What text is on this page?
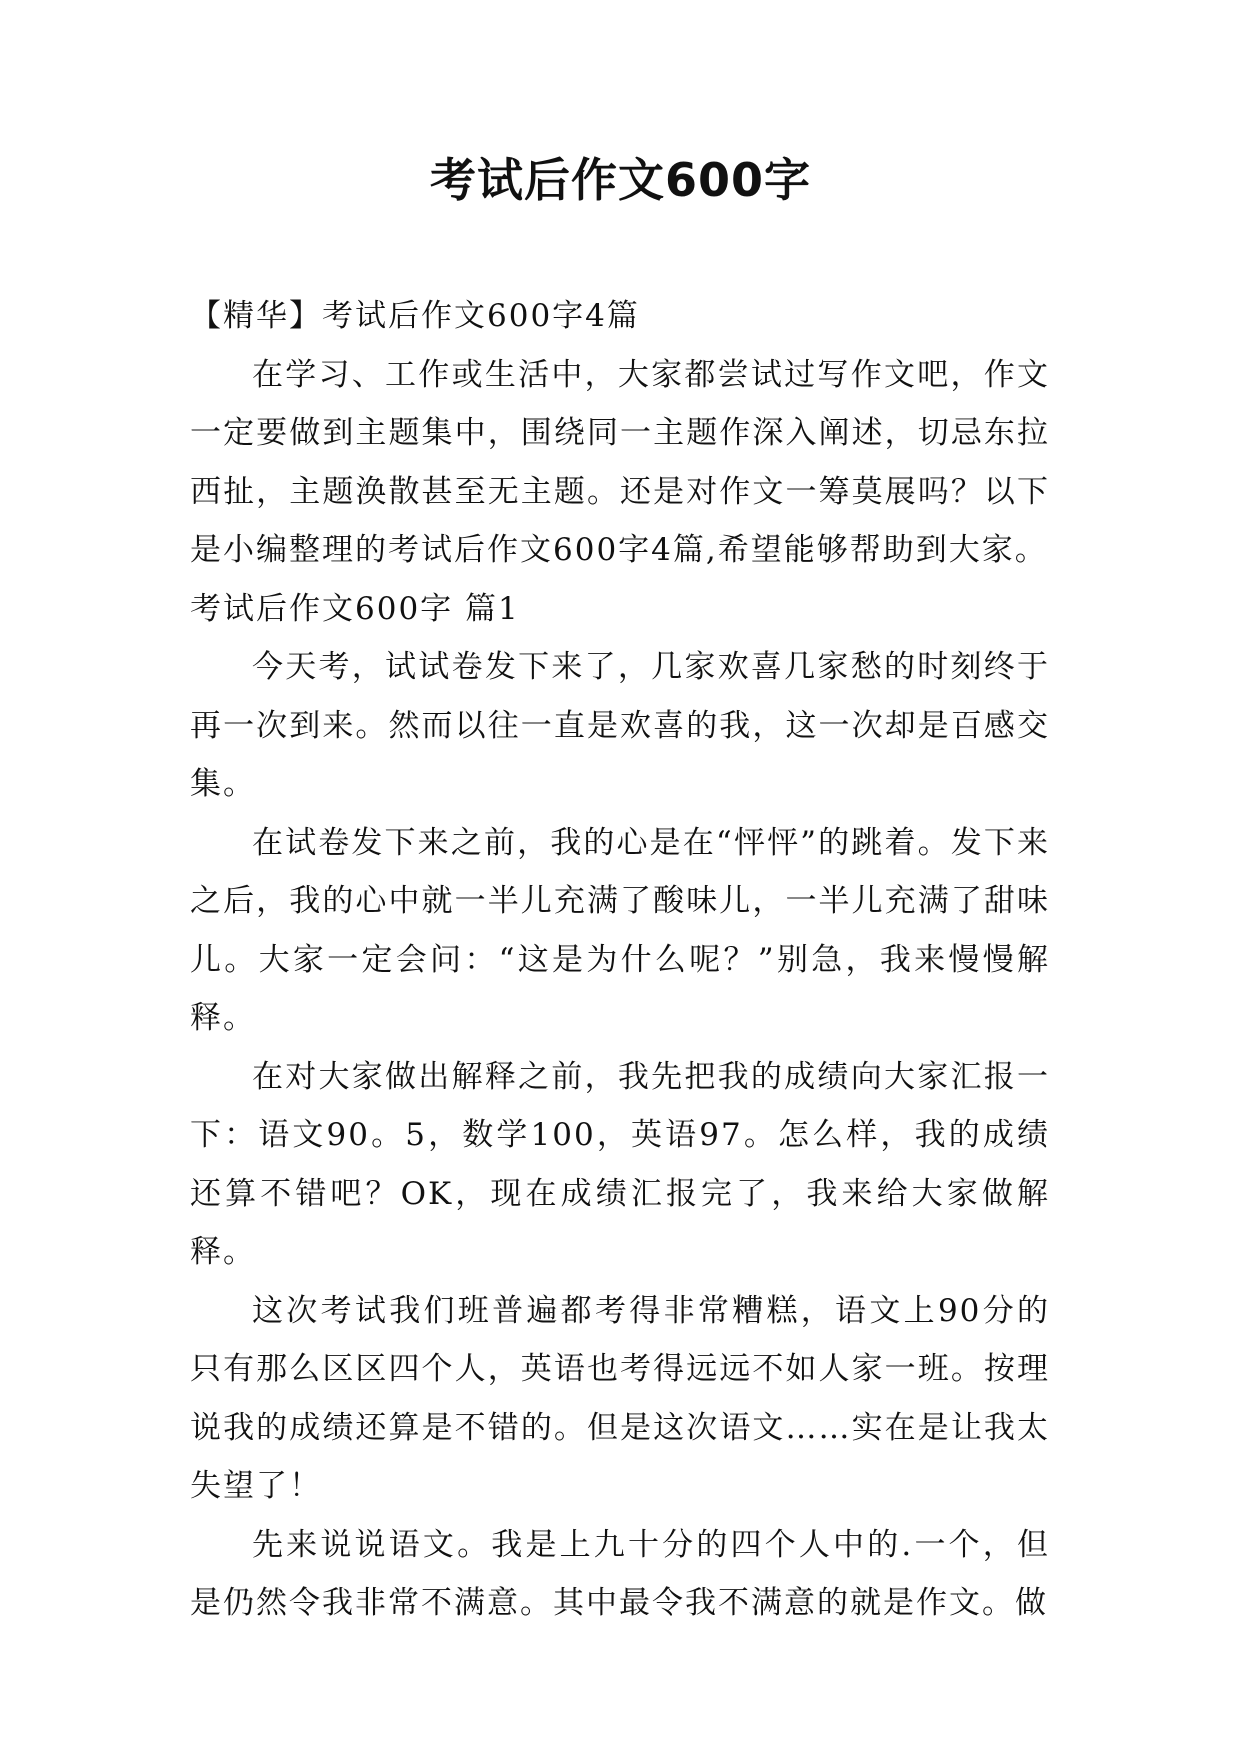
考试后作文600字

【精华】考试后作文600字4篇

在学习、工作或生活中，大家都尝试过写作文吧，作文一定要做到主题集中，围绕同一主题作深入阐述，切忌东拉西扯，主题涣散甚至无主题。还是对作文一筹莫展吗？以下是小编整理的考试后作文600字4篇,希望能够帮助到大家。

考试后作文600字 篇1

今天考，试试卷发下来了，几家欢喜几家愁的时刻终于再一次到来。然而以往一直是欢喜的我，这一次却是百感交集。

在试卷发下来之前，我的心是在“怦怦”的跳着。发下来之后，我的心中就一半儿充满了酸味儿，一半儿充满了甜味儿。大家一定会问：“这是为什么呢？”别急，我来慢慢解释。

在对大家做出解释之前，我先把我的成绩向大家汇报一下：语文90。5，数学100，英语97。怎么样，我的成绩还算不错吧？OK，现在成绩汇报完了，我来给大家做解释。

这次考试我们班普遍都考得非常糟糕，语文上90分的只有那么区区四个人，英语也考得远远不如人家一班。按理说我的成绩还算是不错的。但是这次语文……实在是让我太失望了！

先来说说语文。我是上九十分的四个人中的.一个，但是仍然令我非常不满意。其中最令我不满意的就是作文。做
